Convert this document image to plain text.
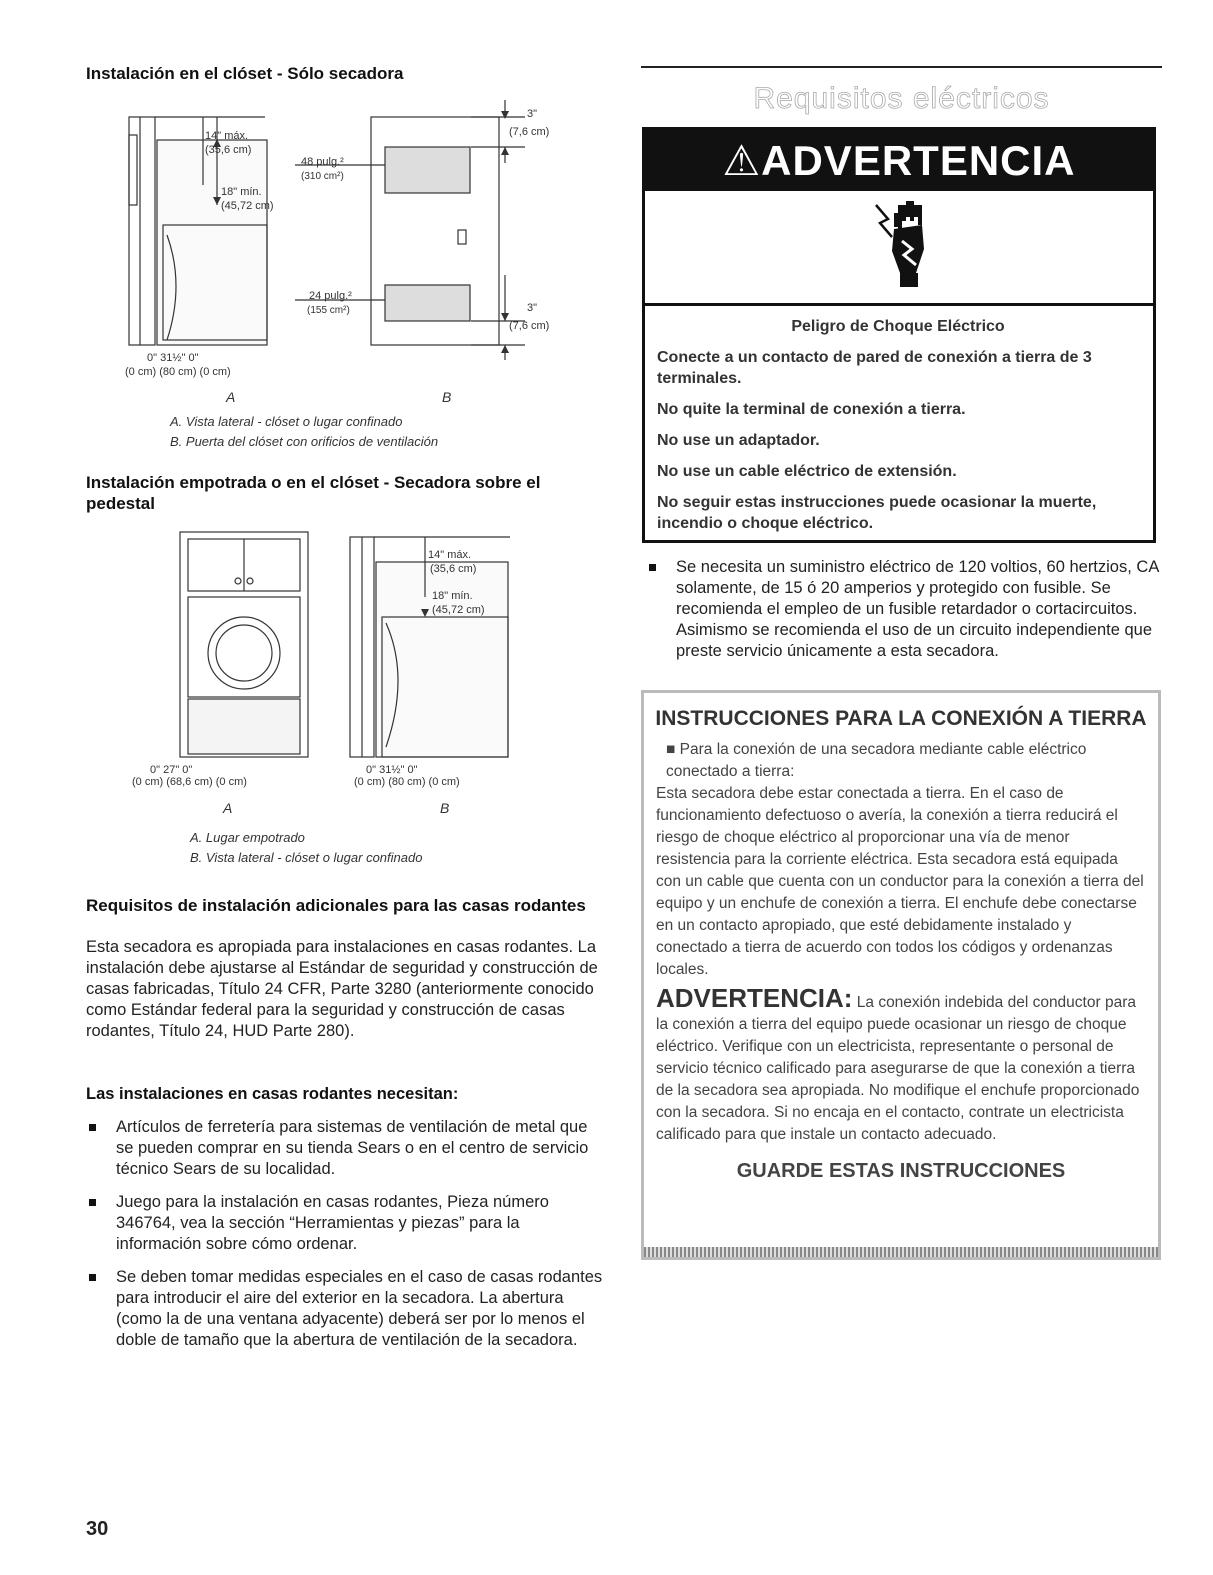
Instalación en el clóset - Sólo secadora
14" máx.
(35,6 cm)
18" mín.
(45,72 cm)
48 pulg.²
(310 cm²)
24 pulg.²
(155 cm²)
3"
(7,6 cm)
3"
(7,6 cm)
0" 31½" 0"
(0 cm) (80 cm) (0 cm)
A	B
A. Vista lateral - clóset o lugar confinado
B. Puerta del clóset con orificios de ventilación
Instalación empotrada o en el clóset - Secadora sobre el pedestal
14" máx.
(35,6 cm)
18" mín.
(45,72 cm)
0" 27" 0"
(0 cm) (68,6 cm) (0 cm)
0" 31½" 0"
(0 cm) (80 cm) (0 cm)
A	B
A. Lugar empotrado
B. Vista lateral - clóset o lugar confinado
Requisitos de instalación adicionales para las casas rodantes
Esta secadora es apropiada para instalaciones en casas rodantes. La instalación debe ajustarse al Estándar de seguridad y construcción de casas fabricadas, Título 24 CFR, Parte 3280 (anteriormente conocido como Estándar federal para la seguridad y construcción de casas rodantes, Título 24, HUD Parte 280).
Las instalaciones en casas rodantes necesitan:
Artículos de ferretería para sistemas de ventilación de metal que se pueden comprar en su tienda Sears o en el centro de servicio técnico Sears de su localidad.
Juego para la instalación en casas rodantes, Pieza número 346764, vea la sección “Herramientas y piezas” para la información sobre cómo ordenar.
Se deben tomar medidas especiales en el caso de casas rodantes para introducir el aire del exterior en la secadora. La abertura (como la de una ventana adyacente) deberá ser por lo menos el doble de tamaño que la abertura de ventilación de la secadora.
30
Requisitos eléctricos
⚠ADVERTENCIA

Peligro de Choque Eléctrico

Conecte a un contacto de pared de conexión a tierra de 3 terminales.

No quite la terminal de conexión a tierra.

No use un adaptador.

No use un cable eléctrico de extensión.

No seguir estas instrucciones puede ocasionar la muerte, incendio o choque eléctrico.

Se necesita un suministro eléctrico de 120 voltios, 60 hertzios, CA solamente, de 15 ó 20 amperios y protegido con fusible. Se recomienda el empleo de un fusible retardador o cortacircuitos. Asimismo se recomienda el uso de un circuito independiente que preste servicio únicamente a esta secadora.
INSTRUCCIONES PARA LA CONEXIÓN A TIERRA

■ Para la conexión de una secadora mediante cable eléctrico conectado a tierra:

Esta secadora debe estar conectada a tierra. En el caso de funcionamiento defectuoso o avería, la conexión a tierra reducirá el riesgo de choque eléctrico al proporcionar una vía de menor resistencia para la corriente eléctrica. Esta secadora está equipada con un cable que cuenta con un conductor para la conexión a tierra del equipo y un enchufe de conexión a tierra. El enchufe debe conectarse en un contacto apropiado, que esté debidamente instalado y conectado a tierra de acuerdo con todos los códigos y ordenanzas locales.

ADVERTENCIA: La conexión indebida del conductor para la conexión a tierra del equipo puede ocasionar un riesgo de choque eléctrico. Verifique con un electricista, representante o personal de servicio técnico calificado para asegurarse de que la conexión a tierra de la secadora sea apropiada. No modifique el enchufe proporcionado con la secadora. Si no encaja en el contacto, contrate un electricista calificado para que instale un contacto adecuado.

GUARDE ESTAS INSTRUCCIONES
